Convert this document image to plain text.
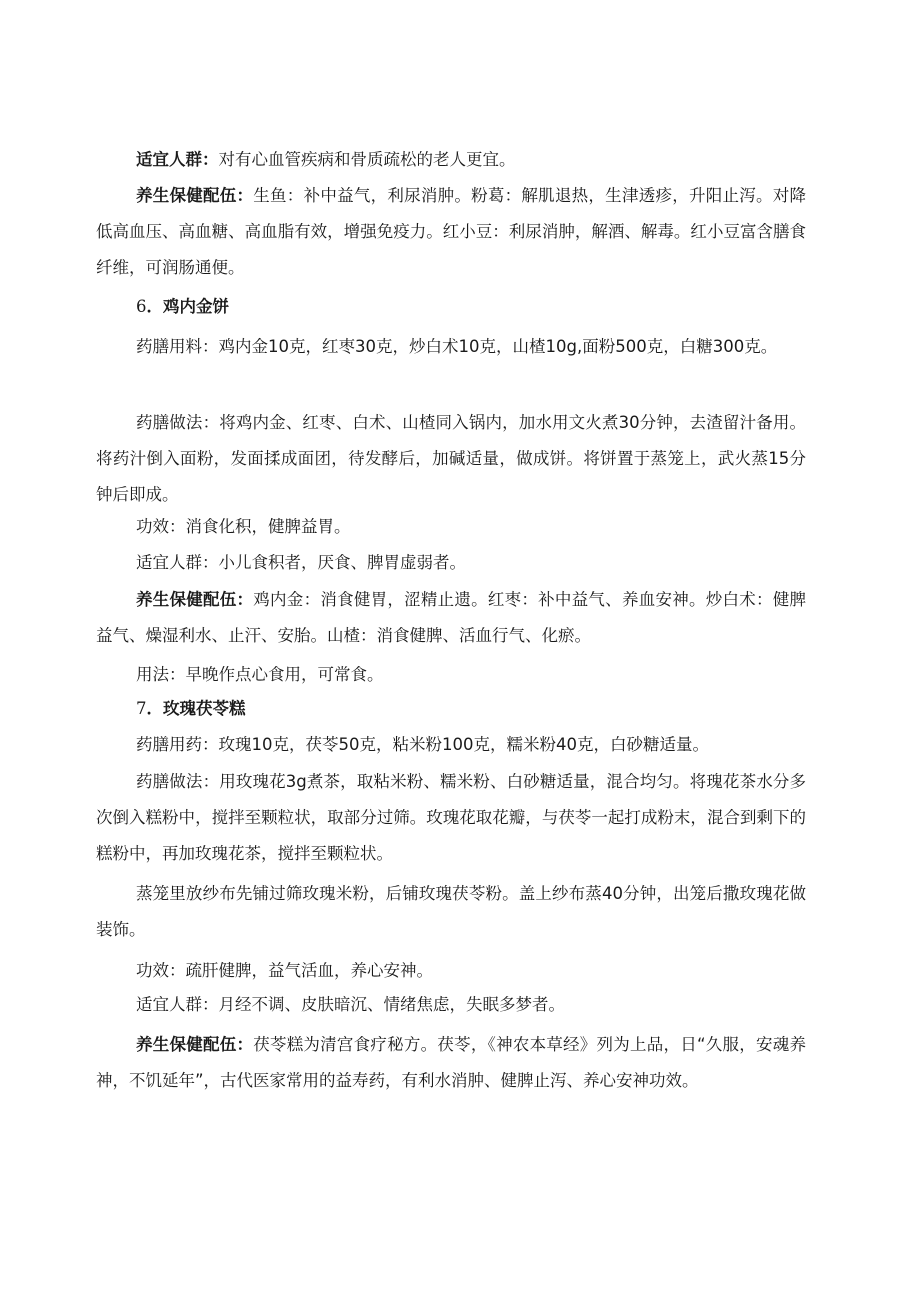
适宜人群：对有心血管疾病和骨质疏松的老人更宜。

养生保健配伍：生鱼：补中益气，利尿消肿。粉葛：解肌退热，生津透疹，升阳止泻。对降低高血压、高血糖、高血脂有效，增强免疫力。红小豆：利尿消肿，解酒、解毒。红小豆富含膳食纤维，可润肠通便。

6．鸡内金饼

药膳用料：鸡内金10克，红枣30克，炒白术10克，山楂10g,面粉500克，白糖300克。

药膳做法：将鸡内金、红枣、白术、山楂同入锅内，加水用文火煮30分钟，去渣留汁备用。将药汁倒入面粉，发面揉成面团，待发酵后，加碱适量，做成饼。将饼置于蒸笼上，武火蒸15分钟后即成。

功效：消食化积，健脾益胃。

适宜人群：小儿食积者，厌食、脾胃虚弱者。

养生保健配伍：鸡内金：消食健胃，涩精止遗。红枣：补中益气、养血安神。炒白术：健脾益气、燥湿利水、止汗、安胎。山楂：消食健脾、活血行气、化瘀。

用法：早晚作点心食用，可常食。

7．玫瑰茯苓糕

药膳用药：玫瑰10克，茯苓50克，粘米粉100克，糯米粉40克，白砂糖适量。

药膳做法：用玫瑰花3g煮茶，取粘米粉、糯米粉、白砂糖适量，混合均匀。将瑰花茶水分多次倒入糕粉中，搅拌至颗粒状，取部分过筛。玫瑰花取花瓣，与茯苓一起打成粉末，混合到剩下的糕粉中，再加玫瑰花茶，搅拌至颗粒状。

蒸笼里放纱布先铺过筛玫瑰米粉，后铺玫瑰茯苓粉。盖上纱布蒸40分钟，出笼后撒玫瑰花做装饰。

功效：疏肝健脾，益气活血，养心安神。

适宜人群：月经不调、皮肤暗沉、情绪焦虑，失眠多梦者。

养生保健配伍：茯苓糕为清宫食疗秘方。茯苓，《神农本草经》列为上品，日“久服，安魂养神，不饥延年”，古代医家常用的益寿药，有利水消肿、健脾止泻、养心安神功效。
